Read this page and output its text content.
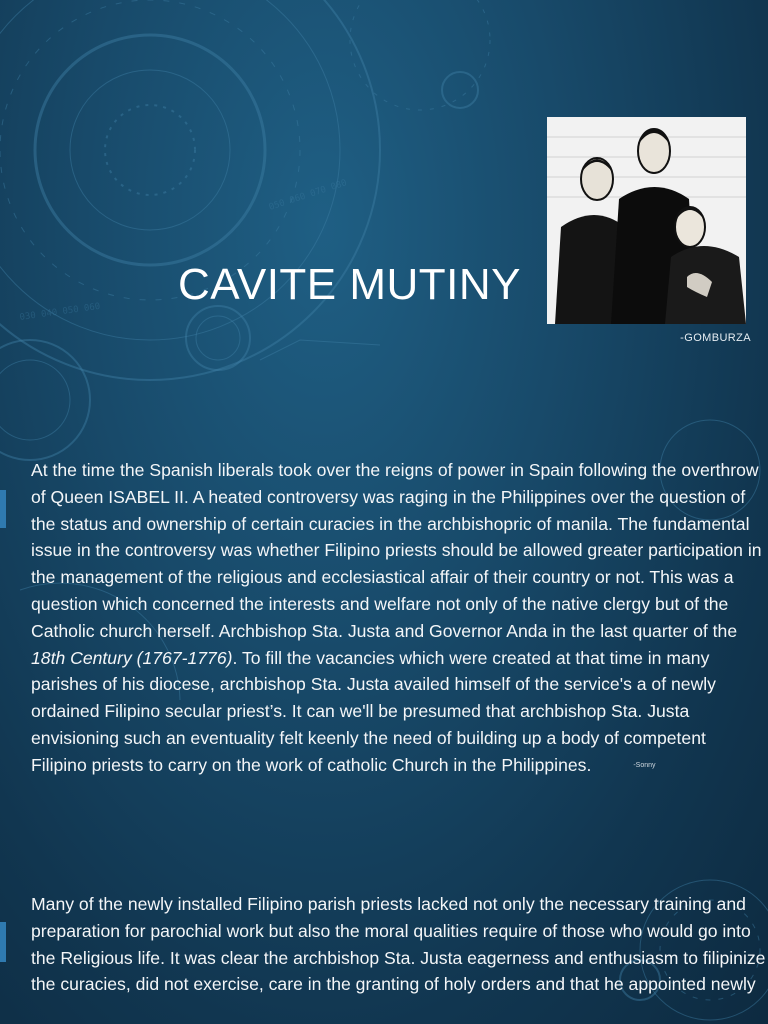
050 060 070 080
030 040 050 060
CAVITE MUTINY
-GOMBURZA

At the time the Spanish liberals took over the reigns of power in Spain following the overthrow of Queen ISABEL II. A heated controversy was raging in the Philippines over the question of the status and ownership of certain curacies in the archbishopric of manila. The fundamental issue in the controversy was whether Filipino priests should be allowed greater participation in the management of the religious and ecclesiastical affair of their country or not. This was a question which concerned the interests and welfare not only of the native clergy but of the Catholic church herself. Archbishop Sta. Justa and Governor Anda in the last quarter of the 18th Century (1767-1776). To fill the vacancies which were created at that time in many parishes of his diocese, archbishop Sta. Justa availed himself of the service's a of newly ordained Filipino secular priest’s. It can we'll be presumed that archbishop Sta. Justa envisioning such an eventuality felt keenly the need of building up a body of competent Filipino priests to carry on the work of catholic Church in the Philippines.	$^{-Sonny}$

Many of the newly installed Filipino parish priests lacked not only the necessary training and preparation for parochial work but also the moral qualities require of those who would go into the Religious life. It was clear the archbishop Sta. Justa eagerness and enthusiasm to filipinize the curacies, did not exercise, care in the granting of holy orders and that he appointed newly
